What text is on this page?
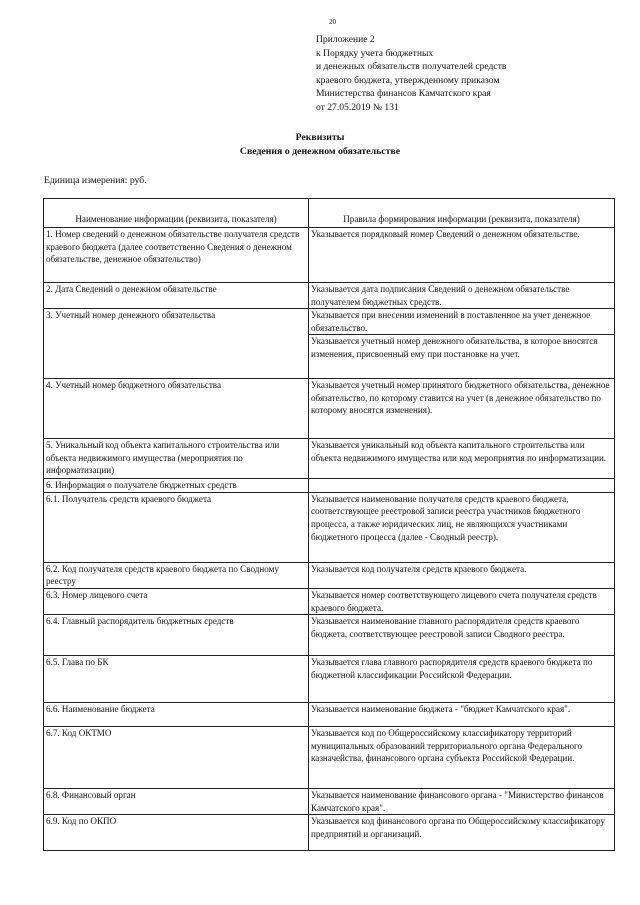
20
Приложение 2
к Порядку учета бюджетных
и денежных обязательств получателей средств
краевого бюджета, утвержденному приказом
Министерства финансов Камчатского края
от 27.05.2019 № 131
Реквизиты
Сведения о денежном обязательстве
Единица измерения: руб.
Наименование информации (реквизита, показателя)	Правила формирования информации (реквизита, показателя)

1. Номер сведений о денежном обязательстве получателя средств краевого бюджета (далее соответственно Сведения о денежном обязательстве, денежное обязательство)	Указывается порядковый номер Сведений о денежном обязательстве.

2. Дата Сведений о денежном обязательстве	Указывается дата подписания Сведений о денежном обязательстве получателем бюджетных средств.

3. Учетный номер денежного обязательства	Указывается при внесении изменений в поставленное на учет денежное обязательство.
Указывается учетный номер денежного обязательства, в которое вносятся изменения, присвоенный ему при постановке на учет.

4. Учетный номер бюджетного обязательства	Указывается учетный номер принятого бюджетного обязательства, денежное обязательство, по которому ставится на учет (в денежное обязательство по которому вносятся изменения).

5. Уникальный код объекта капитального строительства или объекта недвижимого имущества (мероприятия по информатизации)	Указывается уникальный код объекта капитального строительства или объекта недвижимого имущества или код мероприятия по информатизации.

6. Информация о получателе бюджетных средств	

6.1. Получатель средств краевого бюджета	Указывается наименование получателя средств краевого бюджета, соответствующее реестровой записи реестра участников бюджетного процесса, а также юридических лиц, не являющихся участниками бюджетного процесса (далее - Сводный реестр).

6.2. Код получателя средств краевого бюджета по Сводному реестру	Указывается код получателя средств краевого бюджета.

6.3. Номер лицевого счета	Указывается номер соответствующего лицевого счета получателя средств краевого бюджета.

6.4. Главный распорядитель бюджетных средств	Указывается наименование главного распорядителя средств краевого бюджета, соответствующее реестровой записи Сводного реестра.

6.5. Глава по БК	Указывается глава главного распорядителя средств краевого бюджета по бюджетной классификации Российской Федерации.

6.6. Наименование бюджета	Указывается наименование бюджета - "бюджет Камчатского края".

6.7. Код ОКТМО	Указывается код по Общероссийскому классификатору территорий муниципальных образований территориального органа Федерального казначейства, финансового органа субъекта Российской Федерации.

6.8. Финансовый орган	Указывается наименование финансового органа - "Министерство финансов Камчатского края".

6.9. Код по ОКПО	Указывается код финансового органа по Общероссийскому классификатору предприятий и организаций.
